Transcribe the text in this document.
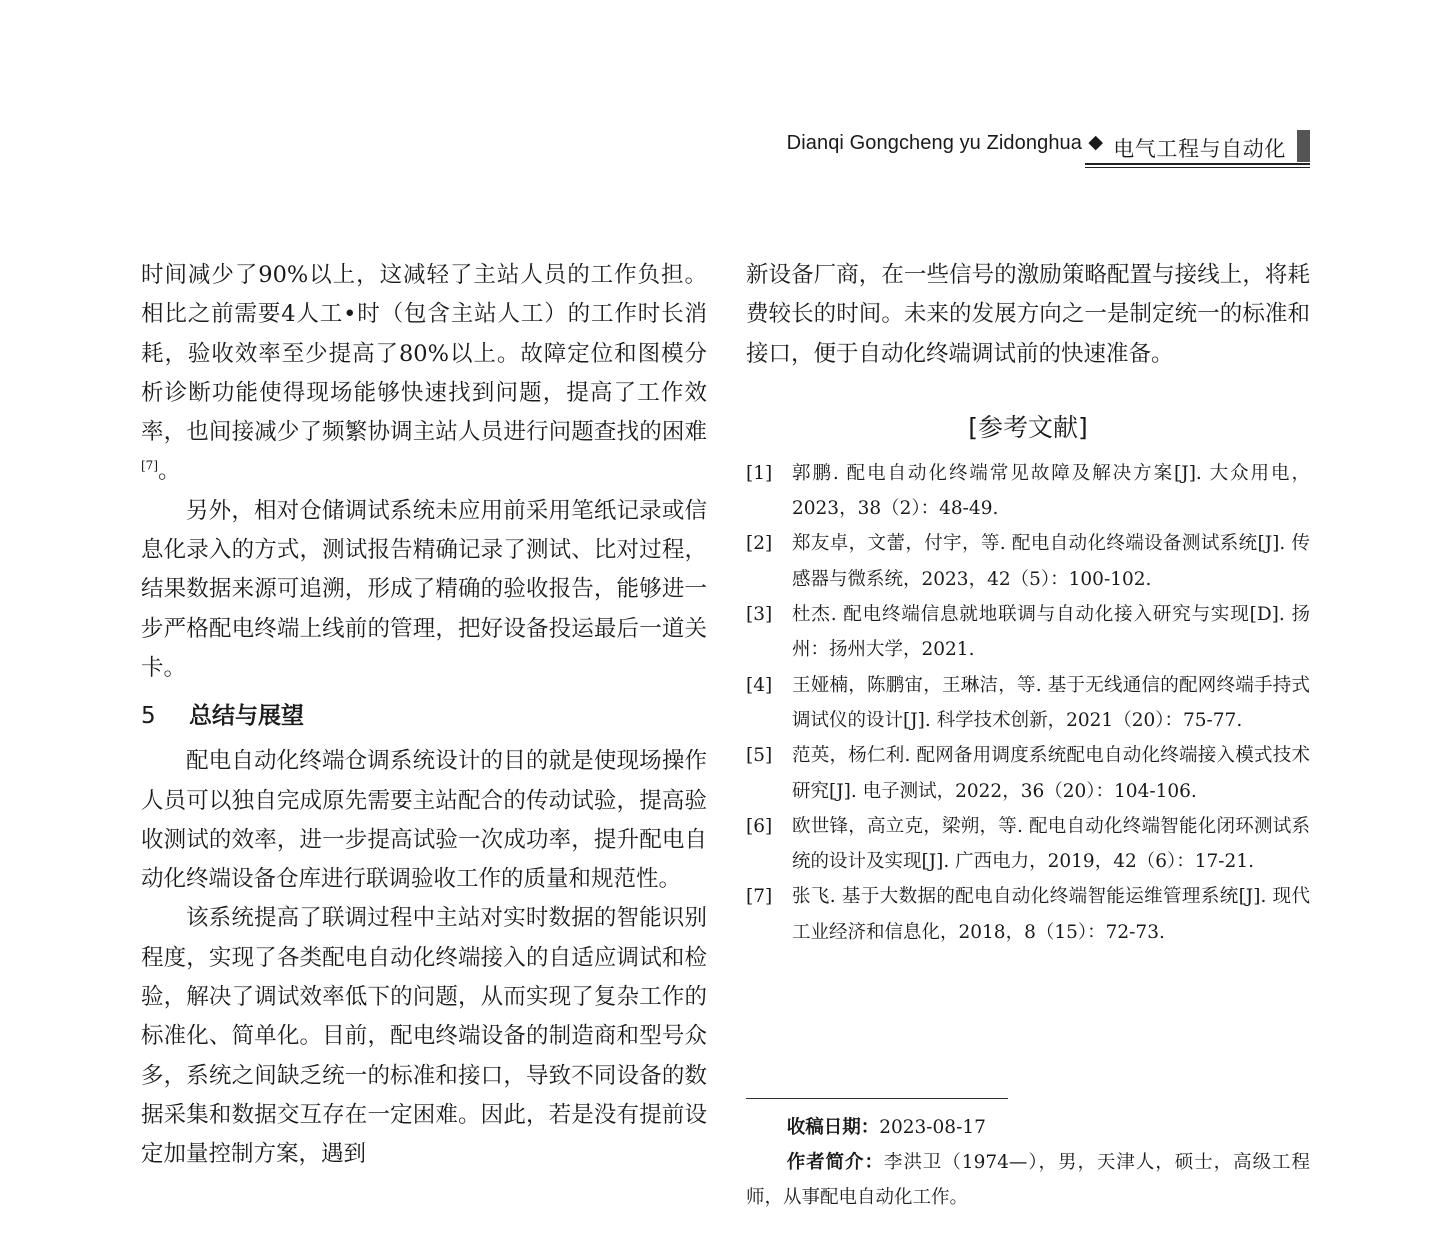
Dianqi Gongcheng yu Zidonghua ◆ 电气工程与自动化

时间减少了90%以上，这减轻了主站人员的工作负担。相比之前需要4人工•时（包含主站人工）的工作时长消耗，验收效率至少提高了80%以上。故障定位和图模分析诊断功能使得现场能够快速找到问题，提高了工作效率，也间接减少了频繁协调主站人员进行问题查找的困难[7]。

另外，相对仓储调试系统未应用前采用笔纸记录或信息化录入的方式，测试报告精确记录了测试、比对过程，结果数据来源可追溯，形成了精确的验收报告，能够进一步严格配电终端上线前的管理，把好设备投运最后一道关卡。

5 总结与展望

配电自动化终端仓调系统设计的目的就是使现场操作人员可以独自完成原先需要主站配合的传动试验，提高验收测试的效率，进一步提高试验一次成功率，提升配电自动化终端设备仓库进行联调验收工作的质量和规范性。

该系统提高了联调过程中主站对实时数据的智能识别程度，实现了各类配电自动化终端接入的自适应调试和检验，解决了调试效率低下的问题，从而实现了复杂工作的标准化、简单化。目前，配电终端设备的制造商和型号众多，系统之间缺乏统一的标准和接口，导致不同设备的数据采集和数据交互存在一定困难。因此，若是没有提前设定加量控制方案，遇到

新设备厂商，在一些信号的激励策略配置与接线上，将耗费较长的时间。未来的发展方向之一是制定统一的标准和接口，便于自动化终端调试前的快速准备。

[参考文献]
[1] 郭鹏. 配电自动化终端常见故障及解决方案[J]. 大众用电，2023，38（2）：48-49.
[2] 郑友卓，文蕾，付宇，等. 配电自动化终端设备测试系统[J]. 传感器与微系统，2023，42（5）：100-102.
[3] 杜杰. 配电终端信息就地联调与自动化接入研究与实现[D]. 扬州：扬州大学，2021.
[4] 王娅楠，陈鹏宙，王琳洁，等. 基于无线通信的配网终端手持式调试仪的设计[J]. 科学技术创新，2021（20）：75-77.
[5] 范英，杨仁利. 配网备用调度系统配电自动化终端接入模式技术研究[J]. 电子测试，2022，36（20）：104-106.
[6] 欧世锋，高立克，梁朔，等. 配电自动化终端智能化闭环测试系统的设计及实现[J]. 广西电力，2019，42（6）：17-21.
[7] 张飞. 基于大数据的配电自动化终端智能运维管理系统[J]. 现代工业经济和信息化，2018，8（15）：72-73.

收稿日期：2023-08-17

作者简介：李洪卫（1974—），男，天津人，硕士，高级工程师，从事配电自动化工作。
